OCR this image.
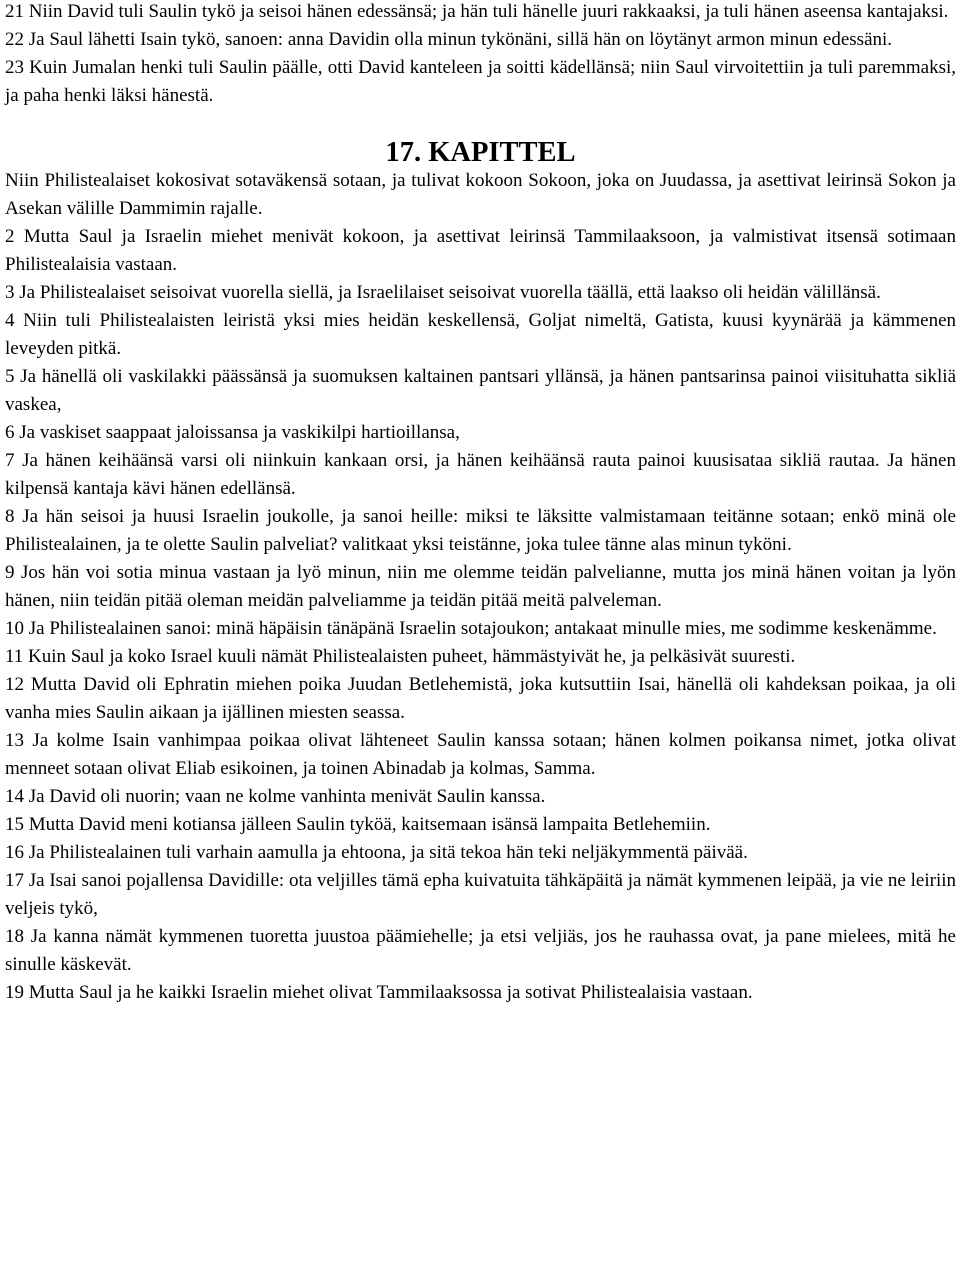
21 Niin David tuli Saulin tykö ja seisoi hänen edessänsä; ja hän tuli hänelle juuri rakkaaksi, ja tuli hänen aseensa kantajaksi.

22 Ja Saul lähetti Isain tykö, sanoen: anna Davidin olla minun tykönäni, sillä hän on löytänyt armon minun edessäni.

23 Kuin Jumalan henki tuli Saulin päälle, otti David kanteleen ja soitti kädellänsä; niin Saul virvoitettiin ja tuli paremmaksi, ja paha henki läksi hänestä.

17. KAPITTEL

Niin Philistealaiset kokosivat sotaväkensä sotaan, ja tulivat kokoon Sokoon, joka on Juudassa, ja asettivat leirinsä Sokon ja Asekan välille Dammimin rajalle.

2 Mutta Saul ja Israelin miehet menivät kokoon, ja asettivat leirinsä Tammilaaksoon, ja valmistivat itsensä sotimaan Philistealaisia vastaan.

3 Ja Philistealaiset seisoivat vuorella siellä, ja Israelilaiset seisoivat vuorella täällä, että laakso oli heidän välillänsä.

4 Niin tuli Philistealaisten leiristä yksi mies heidän keskellensä, Goljat nimeltä, Gatista, kuusi kyynärää ja kämmenen leveyden pitkä.

5 Ja hänellä oli vaskilakki päässänsä ja suomuksen kaltainen pantsari yllänsä, ja hänen pantsarinsa painoi viisituhatta sikliä vaskea,

6 Ja vaskiset saappaat jaloissansa ja vaskikilpi hartioillansa,

7 Ja hänen keihäänsä varsi oli niinkuin kankaan orsi, ja hänen keihäänsä rauta painoi kuusisataa sikliä rautaa. Ja hänen kilpensä kantaja kävi hänen edellänsä.

8 Ja hän seisoi ja huusi Israelin joukolle, ja sanoi heille: miksi te läksitte valmistamaan teitänne sotaan; enkö minä ole Philistealainen, ja te olette Saulin palveliat? valitkaat yksi teistänne, joka tulee tänne alas minun tyköni.

9 Jos hän voi sotia minua vastaan ja lyö minun, niin me olemme teidän palvelianne, mutta jos minä hänen voitan ja lyön hänen, niin teidän pitää oleman meidän palveliamme ja teidän pitää meitä palveleman.

10 Ja Philistealainen sanoi: minä häpäisin tänäpänä Israelin sotajoukon; antakaat minulle mies, me sodimme keskenämme.

11 Kuin Saul ja koko Israel kuuli nämät Philistealaisten puheet, hämmästyivät he, ja pelkäsivät suuresti.

12 Mutta David oli Ephratin miehen poika Juudan Betlehemistä, joka kutsuttiin Isai, hänellä oli kahdeksan poikaa, ja oli vanha mies Saulin aikaan ja ijällinen miesten seassa.

13 Ja kolme Isain vanhimpaa poikaa olivat lähteneet Saulin kanssa sotaan; hänen kolmen poikansa nimet, jotka olivat menneet sotaan olivat Eliab esikoinen, ja toinen Abinadab ja kolmas, Samma.

14 Ja David oli nuorin; vaan ne kolme vanhinta menivät Saulin kanssa.

15 Mutta David meni kotiansa jälleen Saulin tyköä, kaitsemaan isänsä lampaita Betlehemiin.

16 Ja Philistealainen tuli varhain aamulla ja ehtoona, ja sitä tekoa hän teki neljäkymmentä päivää.

17 Ja Isai sanoi pojallensa Davidille: ota veljilles tämä epha kuivatuita tähkäpäitä ja nämät kymmenen leipää, ja vie ne leiriin veljeis tykö,

18 Ja kanna nämät kymmenen tuoretta juustoa päämiehelle; ja etsi veljiäs, jos he rauhassa ovat, ja pane mielees, mitä he sinulle käskevät.

19 Mutta Saul ja he kaikki Israelin miehet olivat Tammilaaksossa ja sotivat Philistealaisia vastaan.
